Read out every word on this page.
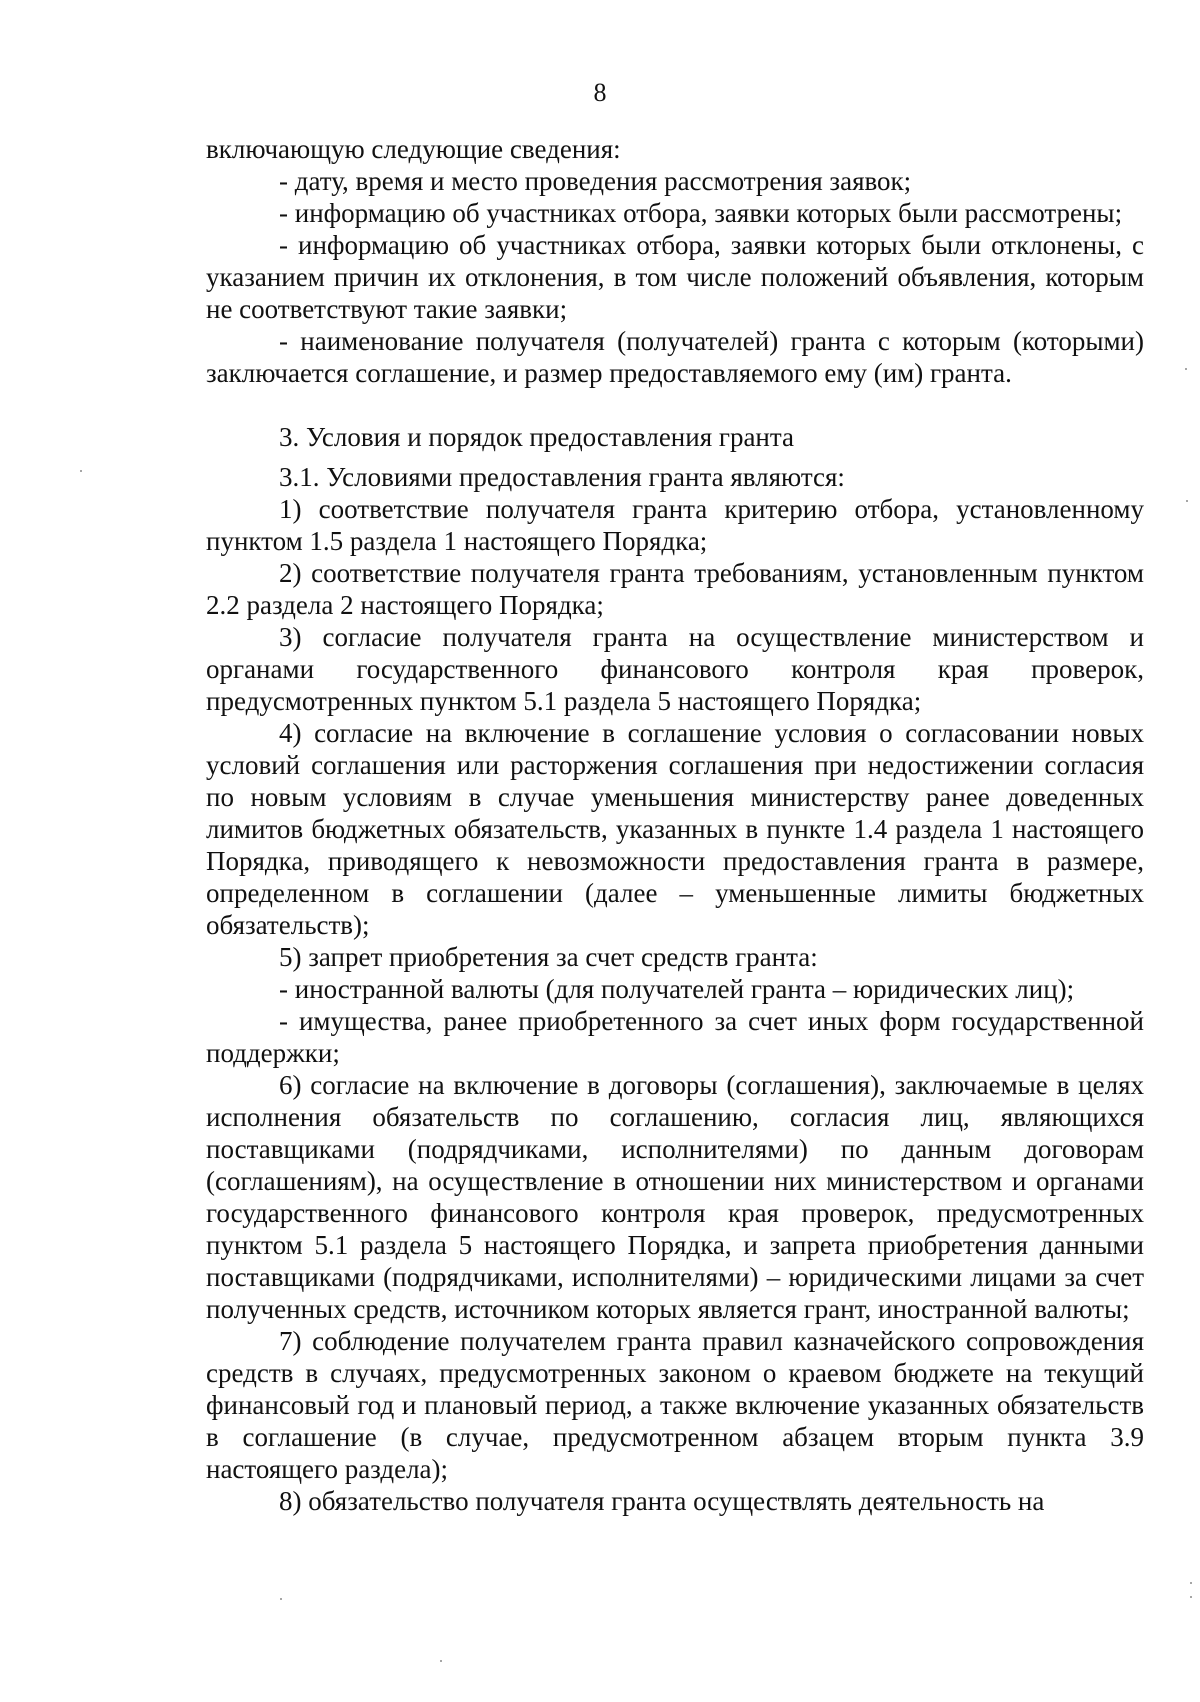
8

включающую следующие сведения:

- дату, время и место проведения рассмотрения заявок;

- информацию об участниках отбора, заявки которых были рассмотрены;

- информацию об участниках отбора, заявки которых были отклонены, с указанием причин их отклонения, в том числе положений объявления, которым не соответствуют такие заявки;

- наименование получателя (получателей) гранта с которым (которыми) заключается соглашение, и размер предоставляемого ему (им) гранта.

3. Условия и порядок предоставления гранта

3.1. Условиями предоставления гранта являются:

1) соответствие получателя гранта критерию отбора, установленному пунктом 1.5 раздела 1 настоящего Порядка;

2) соответствие получателя гранта требованиям, установленным пунктом 2.2 раздела 2 настоящего Порядка;

3) согласие получателя гранта на осуществление министерством и органами государственного финансового контроля края проверок, предусмотренных пунктом 5.1 раздела 5 настоящего Порядка;

4) согласие на включение в соглашение условия о согласовании новых условий соглашения или расторжения соглашения при недостижении согласия по новым условиям в случае уменьшения министерству ранее доведенных лимитов бюджетных обязательств, указанных в пункте 1.4 раздела 1 настоящего Порядка, приводящего к невозможности предоставления гранта в размере, определенном в соглашении (далее – уменьшенные лимиты бюджетных обязательств);

5) запрет приобретения за счет средств гранта:

- иностранной валюты (для получателей гранта – юридических лиц);

- имущества, ранее приобретенного за счет иных форм государственной поддержки;

6) согласие на включение в договоры (соглашения), заключаемые в целях исполнения обязательств по соглашению, согласия лиц, являющихся поставщиками (подрядчиками, исполнителями) по данным договорам (соглашениям), на осуществление в отношении них министерством и органами государственного финансового контроля края проверок, предусмотренных пунктом 5.1 раздела 5 настоящего Порядка, и запрета приобретения данными поставщиками (подрядчиками, исполнителями) – юридическими лицами за счет полученных средств, источником которых является грант, иностранной валюты;

7) соблюдение получателем гранта правил казначейского сопровождения средств в случаях, предусмотренных законом о краевом бюджете на текущий финансовый год и плановый период, а также включение указанных обязательств в соглашение (в случае, предусмотренном абзацем вторым пункта 3.9 настоящего раздела);

8) обязательство получателя гранта осуществлять деятельность на
